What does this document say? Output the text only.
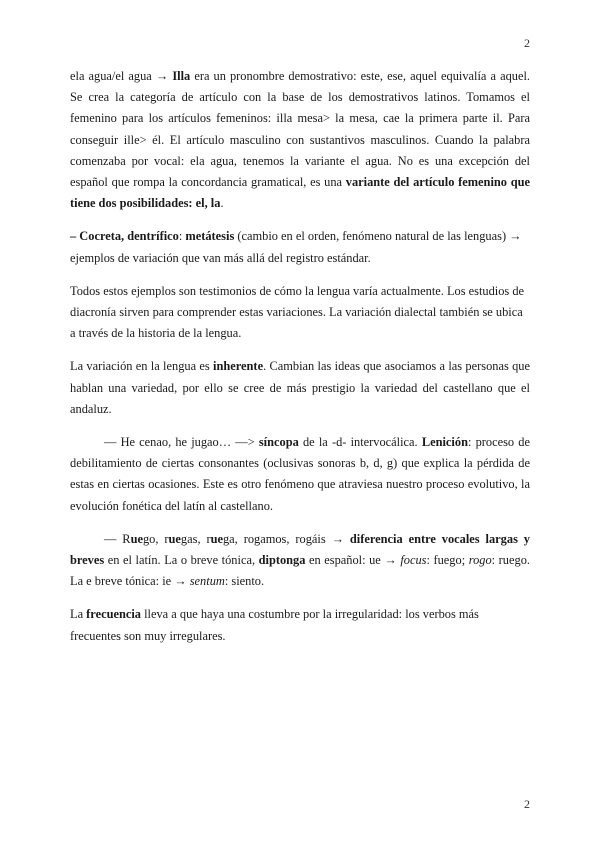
2

ela agua/el agua → Illa era un pronombre demostrativo: este, ese, aquel equivalía a aquel. Se crea la categoría de artículo con la base de los demostrativos latinos. Tomamos el femenino para los artículos femeninos: illa mesa> la mesa, cae la primera parte il. Para conseguir ille> él. El artículo masculino con sustantivos masculinos. Cuando la palabra comenzaba por vocal: ela agua, tenemos la variante el agua. No es una excepción del español que rompa la concordancia gramatical, es una variante del artículo femenino que tiene dos posibilidades: el, la.

– Cocreta, dentrífico: metátesis (cambio en el orden, fenómeno natural de las lenguas) → ejemplos de variación que van más allá del registro estándar.

Todos estos ejemplos son testimonios de cómo la lengua varía actualmente. Los estudios de diacronía sirven para comprender estas variaciones. La variación dialectal también se ubica a través de la historia de la lengua.

La variación en la lengua es inherente. Cambian las ideas que asociamos a las personas que hablan una variedad, por ello se cree de más prestigio la variedad del castellano que el andaluz.

— He cenao, he jugao… —> síncopa de la -d- intervocálica. Lenición: proceso de debilitamiento de ciertas consonantes (oclusivas sonoras b, d, g) que explica la pérdida de estas en ciertas ocasiones. Este es otro fenómeno que atraviesa nuestro proceso evolutivo, la evolución fonética del latín al castellano.

— Ruego, ruegas, ruega, rogamos, rogáis → diferencia entre vocales largas y breves en el latín. La o breve tónica, diptonga en español: ue → focus: fuego; rogo: ruego. La e breve tónica: ie → sentum: siento.

La frecuencia lleva a que haya una costumbre por la irregularidad: los verbos más frecuentes son muy irregulares.

2
